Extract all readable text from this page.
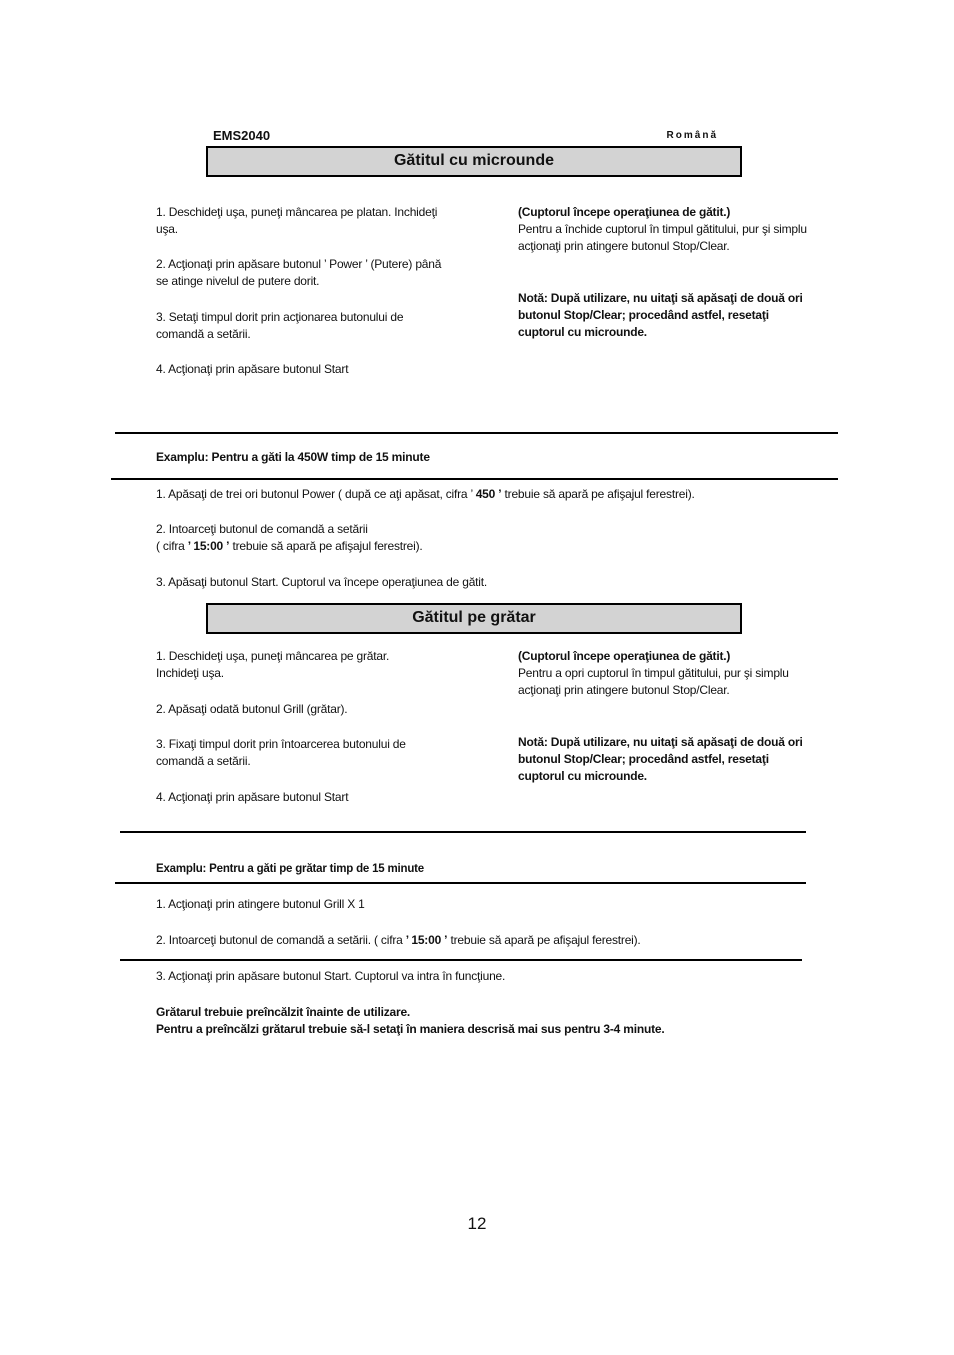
EMS2040	Română
Gătitul cu microunde
1. Deschideţi uşa, puneţi mâncarea pe platan. Inchideţi uşa.
2. Acţionaţi prin apăsare butonul ’ Power ’ (Putere) până se atinge nivelul de putere dorit.
3. Setaţi timpul dorit prin acţionarea butonului de comandă a setării.
4. Acţionaţi prin apăsare butonul Start
(Cuptorul începe operaţiunea de gătit.)
Pentru a închide cuptorul în timpul gătitului, pur şi simplu acţionaţi prin atingere butonul Stop/Clear.
Notă: După utilizare, nu uitaţi să apăsaţi de două ori butonul Stop/Clear; procedând astfel, resetaţi cuptorul cu microunde.
Examplu: Pentru a găti la 450W timp de 15 minute
1. Apăsaţi de trei ori butonul Power ( după ce aţi apăsat, cifra ’ 450 ’ trebuie să apară pe afişajul ferestrei).
2. Intoarceţi butonul de comandă a setării
( cifra ’ 15:00 ’ trebuie să apară pe afişajul ferestrei).
3. Apăsaţi butonul Start. Cuptorul va începe operaţiunea de gătit.
Gătitul pe grătar
1. Deschideţi uşa, puneţi mâncarea pe grătar. Inchideţi uşa.
2. Apăsaţi odată butonul Grill (grătar).
3. Fixaţi timpul dorit prin întoarcerea butonului de comandă a setării.
4. Acţionaţi prin apăsare butonul Start
(Cuptorul începe operaţiunea de gătit.)
Pentru a opri cuptorul în timpul gătitului, pur şi simplu acţionaţi prin atingere butonul Stop/Clear.
Notă: După utilizare, nu uitaţi să apăsaţi de două ori butonul Stop/Clear; procedând astfel, resetaţi cuptorul cu microunde.
Examplu: Pentru a găti pe grătar timp de 15 minute
1. Acţionaţi prin atingere butonul Grill X 1
2. Intoarceţi butonul de comandă a setării. ( cifra ’ 15:00 ’ trebuie să apară pe afişajul ferestrei).
3. Acţionaţi prin apăsare butonul Start. Cuptorul va intra în funcţiune.
Grătarul trebuie preîncălzit înainte de utilizare.
Pentru a preîncălzi grătarul trebuie să-l setaţi în maniera descrisă mai sus pentru 3-4 minute.
12
